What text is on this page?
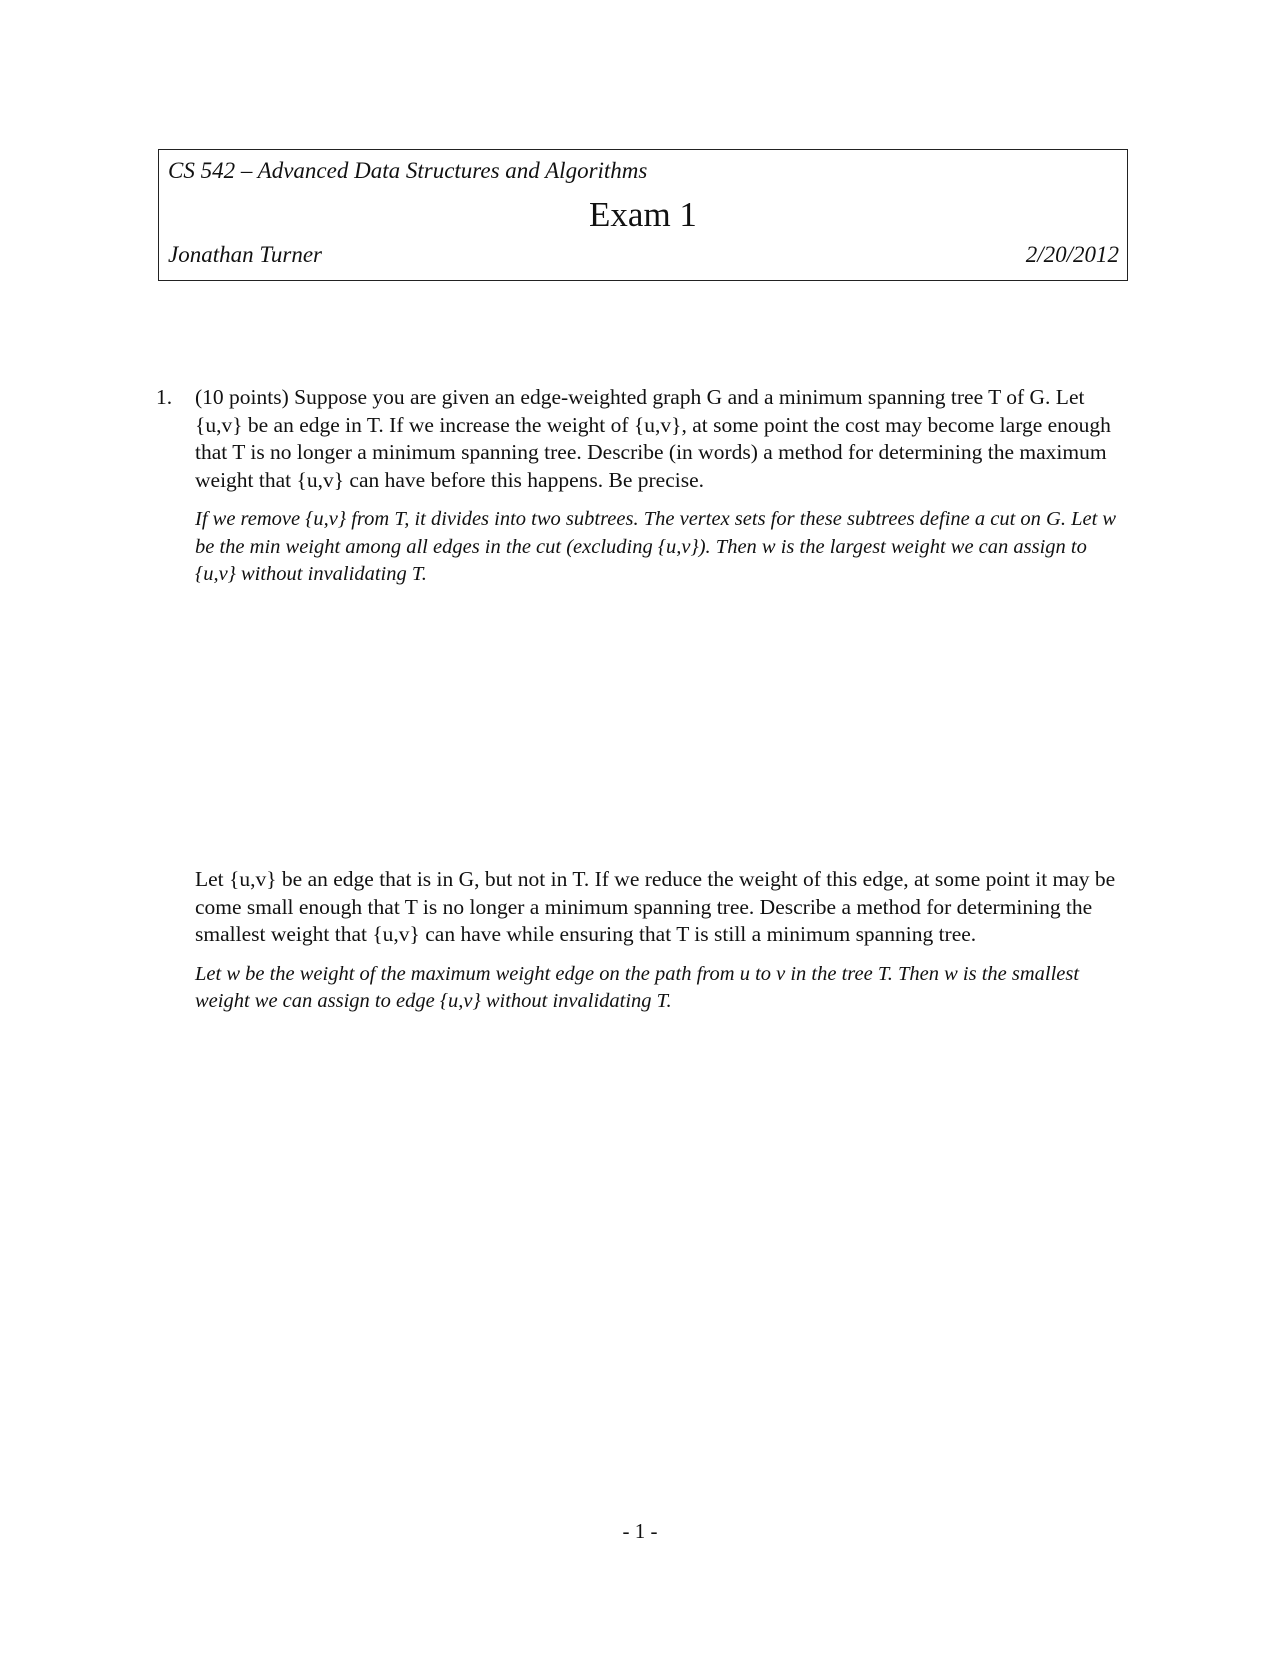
CS 542 – Advanced Data Structures and Algorithms
Exam 1
Jonathan Turner	2/20/2012
1. (10 points) Suppose you are given an edge-weighted graph G and a minimum spanning tree T of G. Let {u,v} be an edge in T. If we increase the weight of {u,v}, at some point the cost may become large enough that T is no longer a minimum spanning tree. Describe (in words) a method for determining the maximum weight that {u,v} can have before this happens. Be precise.

If we remove {u,v} from T, it divides into two subtrees. The vertex sets for these subtrees define a cut on G. Let w be the min weight among all edges in the cut (excluding {u,v}). Then w is the largest weight we can assign to {u,v} without invalidating T.

Let {u,v} be an edge that is in G, but not in T. If we reduce the weight of this edge, at some point it may be come small enough that T is no longer a minimum spanning tree. Describe a method for determining the smallest weight that {u,v} can have while ensuring that T is still a minimum spanning tree.

Let w be the weight of the maximum weight edge on the path from u to v in the tree T. Then w is the smallest weight we can assign to edge {u,v} without invalidating T.

- 1 -
